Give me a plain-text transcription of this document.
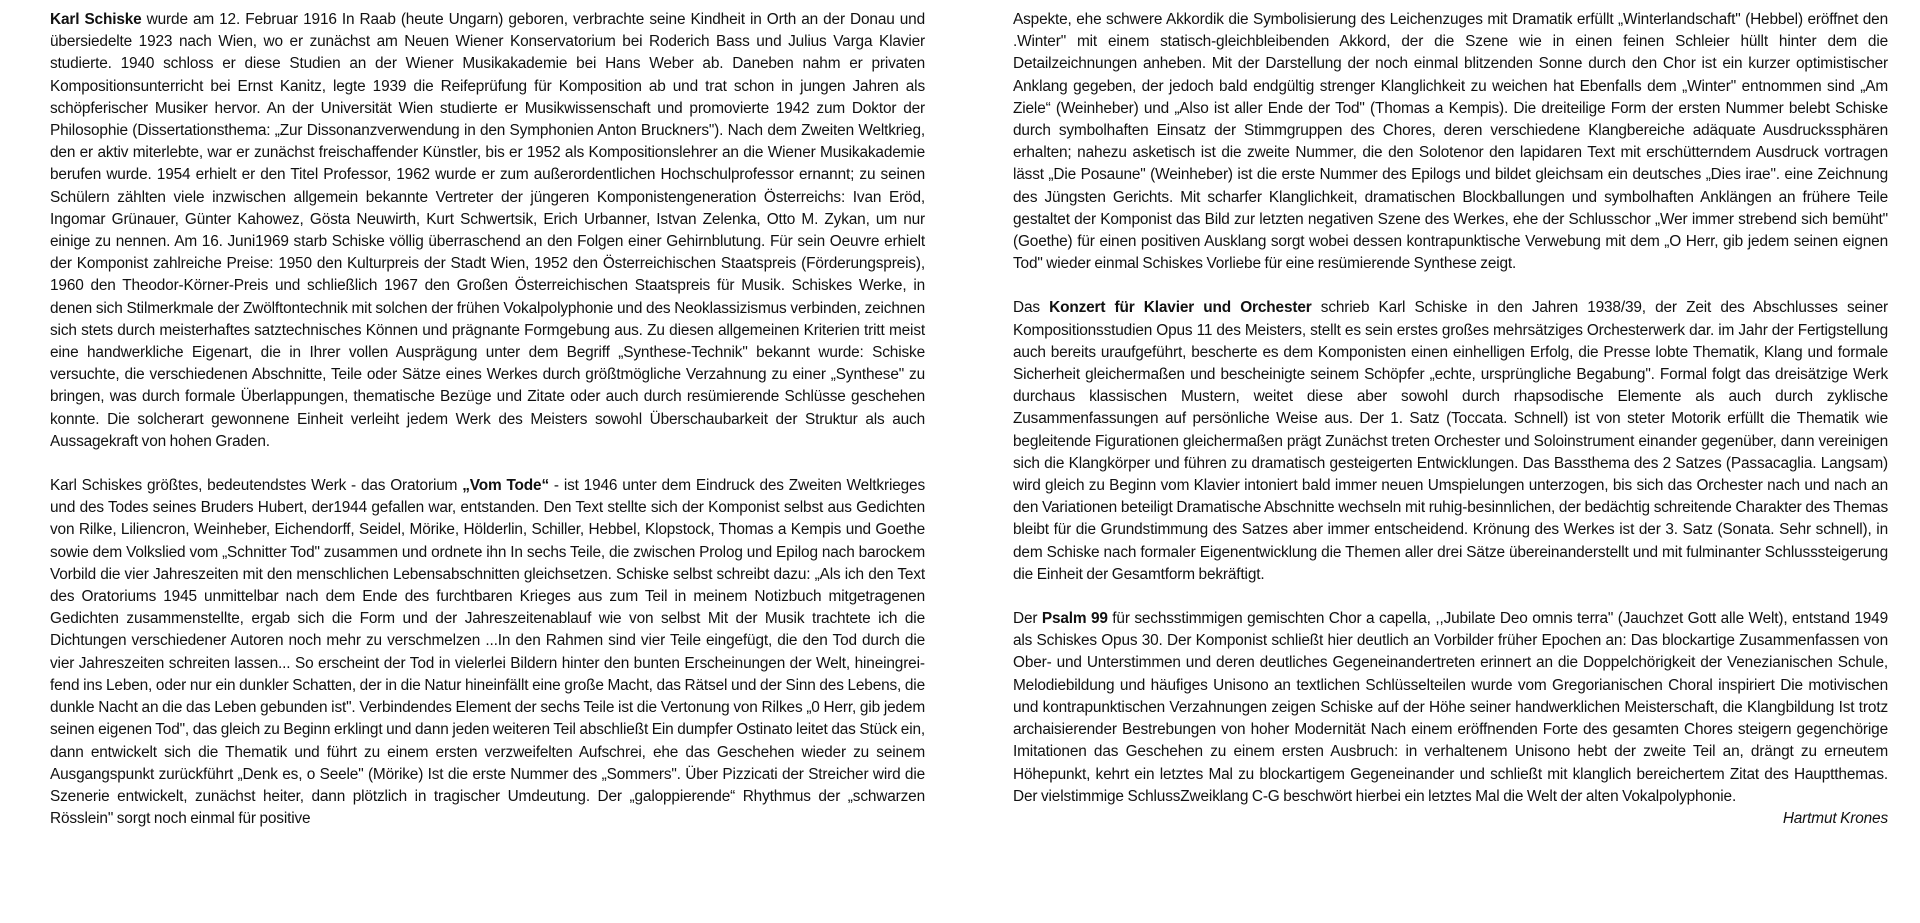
Karl Schiske wurde am 12. Februar 1916 In Raab (heute Ungarn) geboren, verbrachte seine Kindheit in Orth an der Donau und übersiedelte 1923 nach Wien, wo er zunächst am Neuen Wiener Konservatorium bei Roderich Bass und Julius Varga Klavier studierte. 1940 schloss er diese Studien an der Wiener Musikakademie bei Hans Weber ab. Daneben nahm er privaten Kompositionsunterricht bei Ernst Kanitz, legte 1939 die Reifeprüfung für Komposition ab und trat schon in jungen Jahren als schöpferischer Musiker hervor. An der Universität Wien studierte er Musikwissenschaft und promovierte 1942 zum Doktor der Philosophie (Dissertationsthema: „Zur Dissonanzverwendung in den Symphonien Anton Bruckners"). Nach dem Zweiten Weltkrieg, den er aktiv miterlebte, war er zunächst freischaffender Künstler, bis er 1952 als Kompositionslehrer an die Wiener Musikakademie berufen wurde. 1954 erhielt er den Titel Professor, 1962 wurde er zum außerordentlichen Hochschulprofessor ernannt; zu seinen Schülern zählten viele inzwischen allgemein bekannte Vertreter der jüngeren Komponistengeneration Österreichs: Ivan Eröd, Ingomar Grünauer, Günter Kahowez, Gösta Neuwirth, Kurt Schwertsik, Erich Urbanner, Istvan Zelenka, Otto M. Zykan, um nur einige zu nennen. Am 16. Juni1969 starb Schiske völlig überraschend an den Folgen einer Gehirnblutung. Für sein Oeuvre erhielt der Komponist zahlreiche Preise: 1950 den Kulturpreis der Stadt Wien, 1952 den Österreichischen Staatspreis (Förderungspreis), 1960 den Theodor-Körner-Preis und schließlich 1967 den Großen Österreichischen Staatspreis für Musik. Schiskes Werke, in denen sich Stilmerkmale der Zwölftontechnik mit solchen der frühen Vokalpolyphonie und des Neoklassizismus verbinden, zeichnen sich stets durch meisterhaftes satztechnisches Können und prägnante Formgebung aus. Zu diesen allgemeinen Kriterien tritt meist eine handwerkliche Eigenart, die in Ihrer vollen Ausprägung unter dem Begriff „Synthese-Technik" bekannt wurde: Schiske versuchte, die verschiedenen Abschnitte, Teile oder Sätze eines Werkes durch größtmögliche Verzahnung zu einer „Synthese" zu bringen, was durch formale Überlappungen, thematische Bezüge und Zitate oder auch durch resümierende Schlüsse geschehen konnte. Die solcherart gewonnene Einheit verleiht jedem Werk des Meisters sowohl Überschaubarkeit der Struktur als auch Aussagekraft von hohen Graden.

Karl Schiskes größtes, bedeutendstes Werk - das Oratorium „Vom Tode“ - ist 1946 unter dem Eindruck des Zweiten Weltkrieges und des Todes seines Bruders Hubert, der1944 gefallen war, entstanden. Den Text stellte sich der Komponist selbst aus Gedichten von Rilke, Liliencron, Weinheber, Eichendorff, Seidel, Mörike, Hölderlin, Schiller, Hebbel, Klopstock, Thomas a Kempis und Goethe sowie dem Volkslied vom „Schnitter Tod" zusammen und ordnete ihn In sechs Teile, die zwischen Prolog und Epilog nach barockem Vorbild die vier Jahreszeiten mit den menschlichen Lebensabschnitten gleichsetzen. Schiske selbst schreibt dazu: „Als ich den Text des Oratoriums 1945 unmittelbar nach dem Ende des furchtbaren Krieges aus zum Teil in meinem Notizbuch mitgetragenen Gedichten zusammenstellte, ergab sich die Form und der Jahreszeitenablauf wie von selbst Mit der Musik trachtete ich die Dichtungen verschiedener Autoren noch mehr zu verschmelzen ...In den Rahmen sind vier Teile eingefügt, die den Tod durch die vier Jahreszeiten schreiten lassen... So erscheint der Tod in vielerlei Bildern hinter den bunten Erscheinungen der Welt, hineingreifend ins Leben, oder nur ein dunkler Schatten, der in die Natur hineinfällt eine große Macht, das Rätsel und der Sinn des Lebens, die dunkle Nacht an die das Leben gebunden ist". Verbindendes Element der sechs Teile ist die Vertonung von Rilkes „0 Herr, gib jedem seinen eigenen Tod", das gleich zu Beginn erklingt und dann jeden weiteren Teil abschließt Ein dumpfer Ostinato leitet das Stück ein, dann entwickelt sich die Thematik und führt zu einem ersten verzweifelten Aufschrei, ehe das Geschehen wieder zu seinem Ausgangspunkt zurückführt „Denk es, o Seele" (Mörike) Ist die erste Nummer des „Sommers". Über Pizzicati der Streicher wird die Szenerie entwickelt, zunächst heiter, dann plötzlich in tragischer Umdeutung. Der „galoppierende“ Rhythmus der „schwarzen Rösslein" sorgt noch einmal für positive

Aspekte, ehe schwere Akkordik die Symbolisierung des Leichenzuges mit Dramatik erfüllt „Winterlandschaft" (Hebbel) eröffnet den .Winter" mit einem statisch-gleichbleibenden Akkord, der die Szene wie in einen feinen Schleier hüllt hinter dem die Detailzeichnungen anheben. Mit der Darstellung der noch einmal blitzenden Sonne durch den Chor ist ein kurzer optimistischer Anklang gegeben, der jedoch bald endgültig strenger Klanglichkeit zu weichen hat Ebenfalls dem „Winter" entnommen sind „Am Ziele“ (Weinheber) und „Also ist aller Ende der Tod" (Thomas a Kempis). Die dreiteilige Form der ersten Nummer belebt Schiske durch symbolhaften Einsatz der Stimmgruppen des Chores, deren verschiedene Klangbereiche adäquate Ausdruckssphären erhalten; nahezu asketisch ist die zweite Nummer, die den Solotenor den lapidaren Text mit erschütterndem Ausdruck vortragen lässt „Die Posaune" (Weinheber) ist die erste Nummer des Epilogs und bildet gleichsam ein deutsches „Dies irae". eine Zeichnung des Jüngsten Gerichts. Mit scharfer Klanglichkeit, dramatischen Blockballungen und symbolhaften Anklängen an frühere Teile gestaltet der Komponist das Bild zur letzten negativen Szene des Werkes, ehe der Schlusschor „Wer immer strebend sich bemüht" (Goethe) für einen positiven Ausklang sorgt wobei dessen kontrapunktische Verwebung mit dem „O Herr, gib jedem seinen eignen Tod" wieder einmal Schiskes Vorliebe für eine resümierende Synthese zeigt.

Das Konzert für Klavier und Orchester schrieb Karl Schiske in den Jahren 1938/39, der Zeit des Abschlusses seiner Kompositionsstudien Opus 11 des Meisters, stellt es sein erstes großes mehrsätziges Orchesterwerk dar. im Jahr der Fertigstellung auch bereits uraufgeführt, bescherte es dem Komponisten einen einhelligen Erfolg, die Presse lobte Thematik, Klang und formale Sicherheit gleichermaßen und bescheinigte seinem Schöpfer „echte, ursprüngliche Begabung". Formal folgt das dreisätzige Werk durchaus klassischen Mustern, weitet diese aber sowohl durch rhapsodische Elemente als auch durch zyklische Zusammenfassungen auf persönliche Weise aus. Der 1. Satz (Toccata. Schnell) ist von steter Motorik erfüllt die Thematik wie begleitende Figurationen gleichermaßen prägt Zunächst treten Orchester und Soloinstrument einander gegenüber, dann vereinigen sich die Klangkörper und führen zu dramatisch gesteigerten Entwicklungen. Das Bassthema des 2 Satzes (Passacaglia. Langsam) wird gleich zu Beginn vom Klavier intoniert bald immer neuen Umspielungen unterzogen, bis sich das Orchester nach und nach an den Variationen beteiligt Dramatische Abschnitte wechseln mit ruhig-besinnlichen, der bedächtig schreitende Charakter des Themas bleibt für die Grundstimmung des Satzes aber immer entscheidend. Krönung des Werkes ist der 3. Satz (Sonata. Sehr schnell), in dem Schiske nach formaler Eigenentwicklung die Themen aller drei Sätze übereinanderstellt und mit fulminanter Schlusssteigerung die Einheit der Gesamtform bekräftigt.

Der Psalm 99 für sechsstimmigen gemischten Chor a capella, ,,Jubilate Deo omnis terra" (Jauchzet Gott alle Welt), entstand 1949 als Schiskes Opus 30. Der Komponist schließt hier deutlich an Vorbilder früher Epochen an: Das blockartige Zusammenfassen von Ober- und Unterstimmen und deren deutliches Gegeneinandertreten erinnert an die Doppelchörigkeit der Venezianischen Schule, Melodiebildung und häufiges Unisono an textlichen Schlüsselteilen wurde vom Gregorianischen Choral inspiriert Die motivischen und kontrapunktischen Verzahnungen zeigen Schiske auf der Höhe seiner handwerklichen Meisterschaft, die Klangbildung Ist trotz archaisierender Bestrebungen von hoher Modernität Nach einem eröffnenden Forte des gesamten Chores steigern gegenchörige Imitationen das Geschehen zu einem ersten Ausbruch: in verhaltenem Unisono hebt der zweite Teil an, drängt zu erneutem Höhepunkt, kehrt ein letztes Mal zu blockartigem Gegeneinander und schließt mit klanglich bereichertem Zitat des Hauptthemas. Der vielstimmige SchlussZweiklang C-G beschwört hierbei ein letztes Mal die Welt der alten Vokalpolyphonie.

Hartmut Krones
